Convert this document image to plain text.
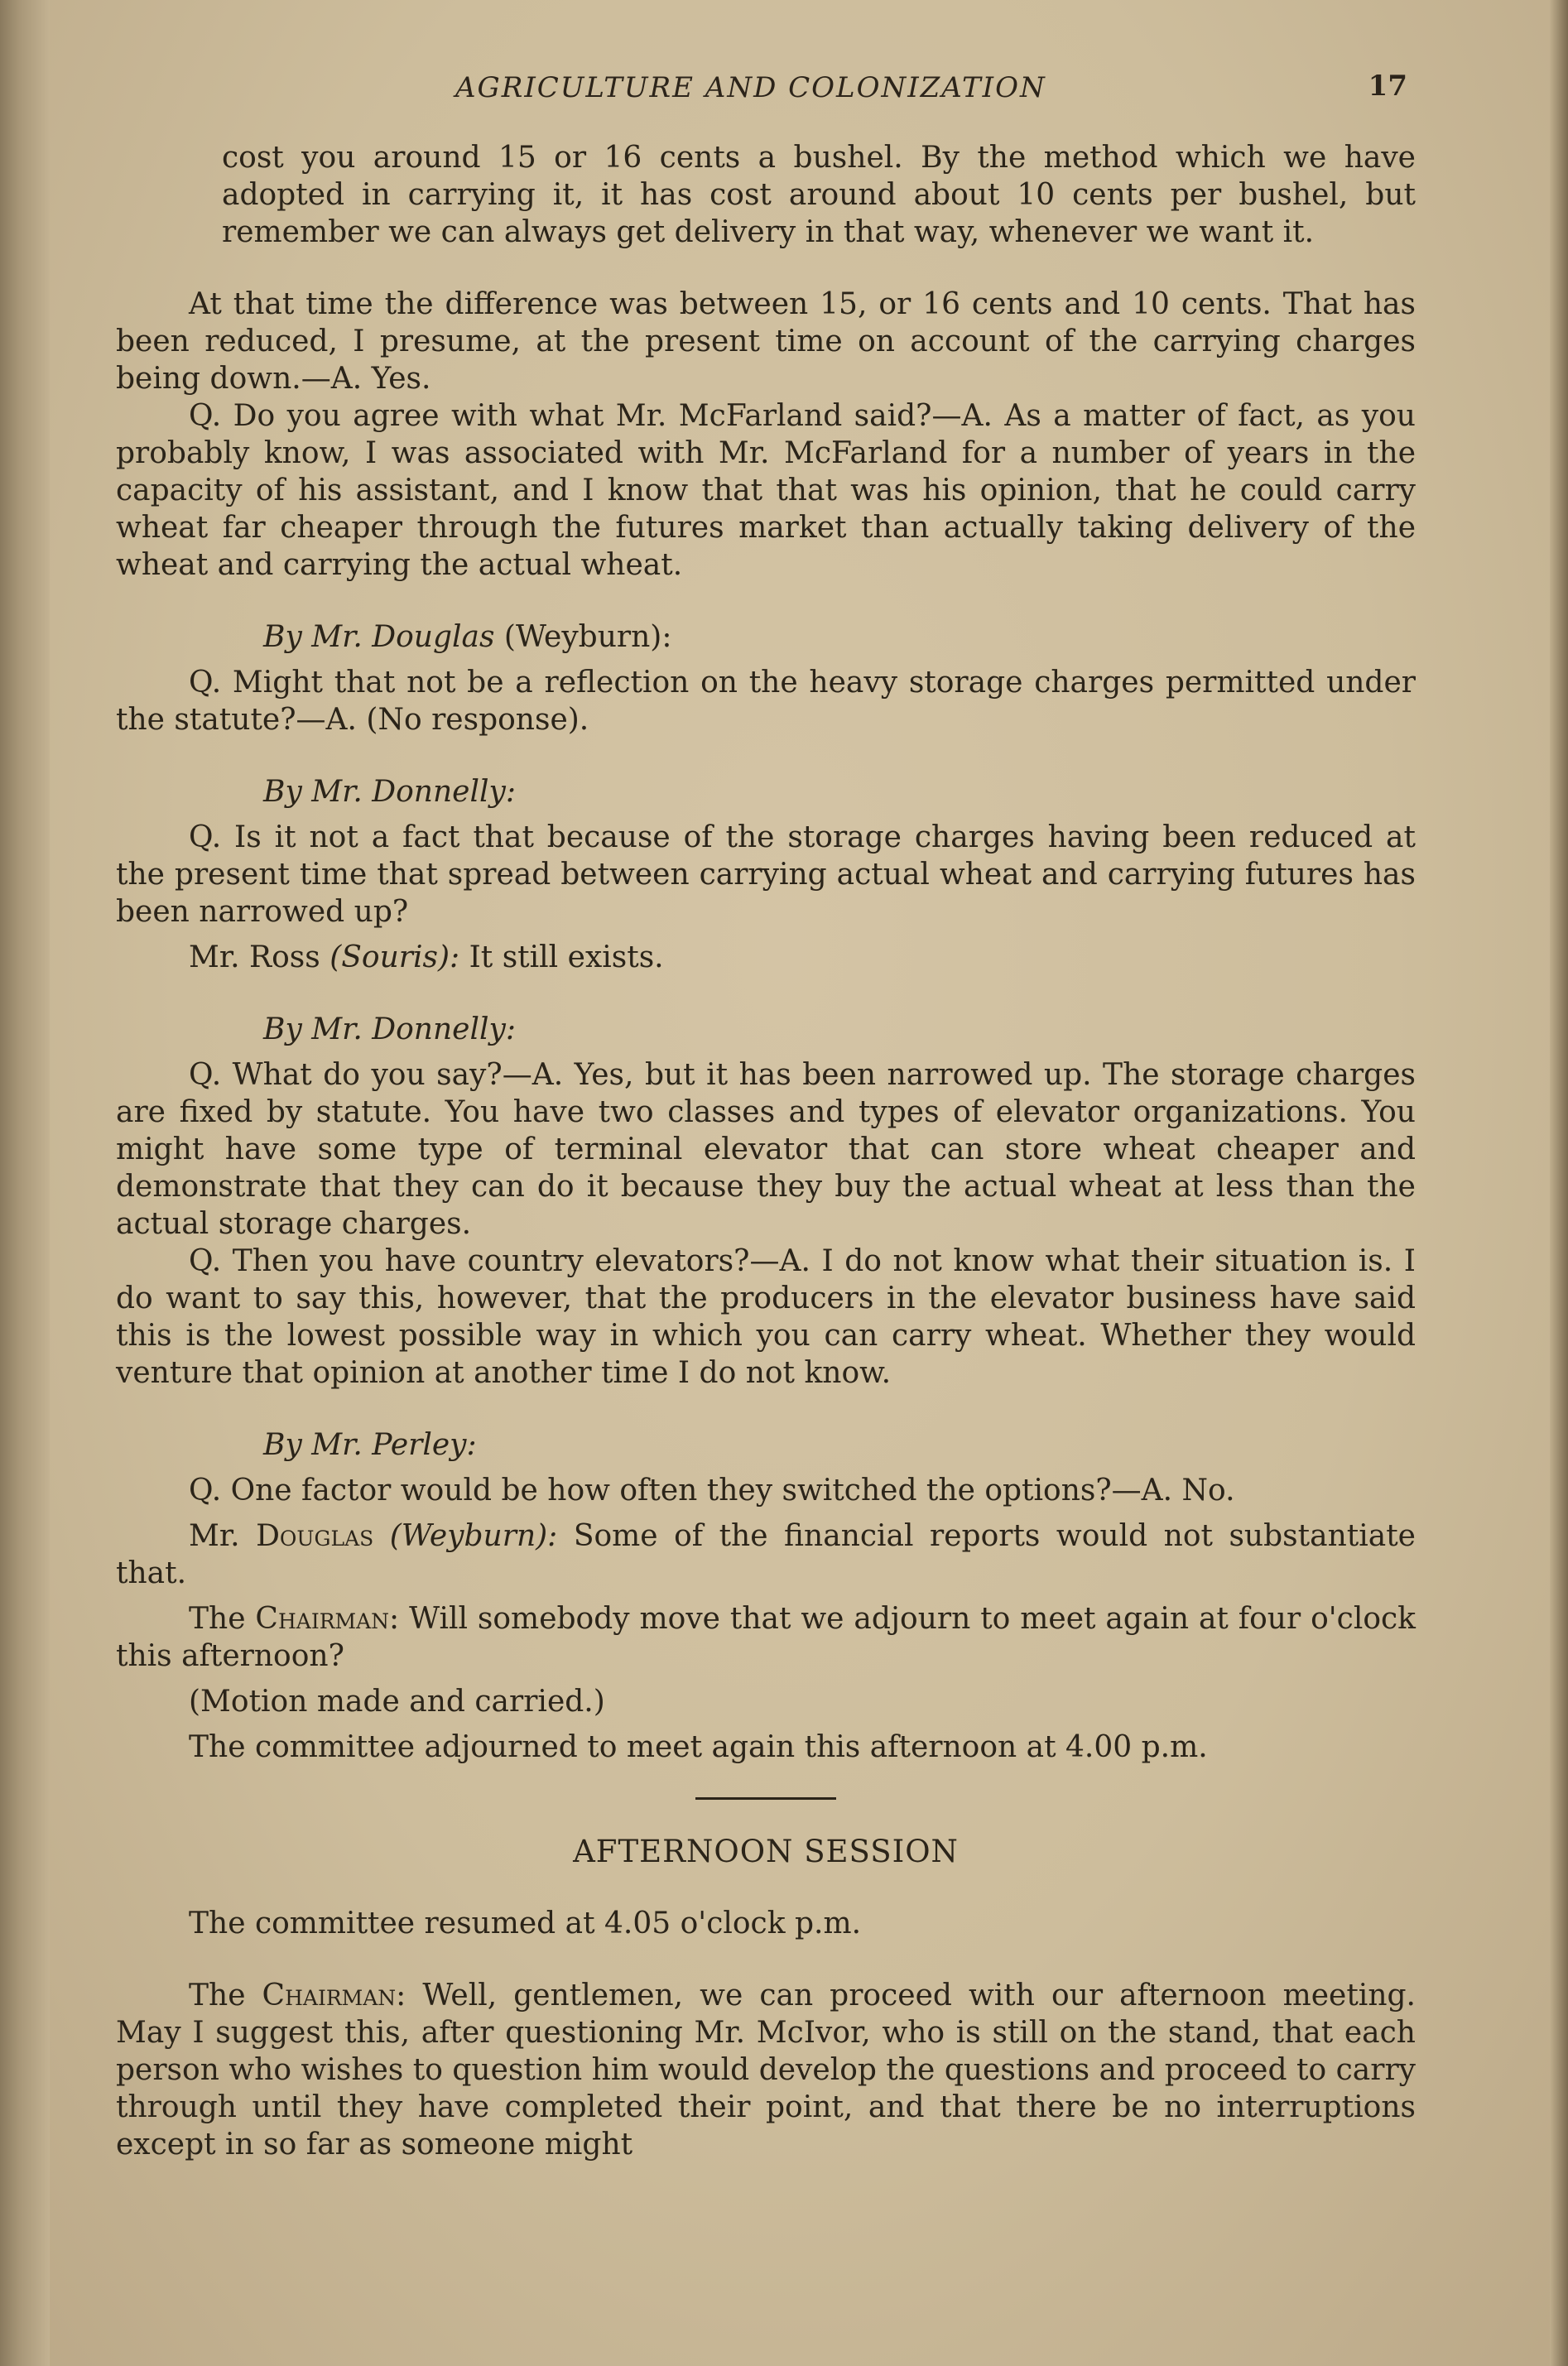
AGRICULTURE AND COLONIZATION	17

cost you around 15 or 16 cents a bushel. By the method which we have adopted in carrying it, it has cost around about 10 cents per bushel, but remember we can always get delivery in that way, whenever we want it.

At that time the difference was between 15, or 16 cents and 10 cents. That has been reduced, I presume, at the present time on account of the carrying charges being down.—A. Yes.

Q. Do you agree with what Mr. McFarland said?—A. As a matter of fact, as you probably know, I was associated with Mr. McFarland for a number of years in the capacity of his assistant, and I know that that was his opinion, that he could carry wheat far cheaper through the futures market than actually taking delivery of the wheat and carrying the actual wheat.

By Mr. Douglas (Weyburn):

Q. Might that not be a reflection on the heavy storage charges permitted under the statute?—A. (No response).

By Mr. Donnelly:

Q. Is it not a fact that because of the storage charges having been reduced at the present time that spread between carrying actual wheat and carrying futures has been narrowed up?

Mr. Ross (Souris): It still exists.

By Mr. Donnelly:

Q. What do you say?—A. Yes, but it has been narrowed up. The storage charges are fixed by statute. You have two classes and types of elevator organizations. You might have some type of terminal elevator that can store wheat cheaper and demonstrate that they can do it because they buy the actual wheat at less than the actual storage charges.

Q. Then you have country elevators?—A. I do not know what their situation is. I do want to say this, however, that the producers in the elevator business have said this is the lowest possible way in which you can carry wheat. Whether they would venture that opinion at another time I do not know.

By Mr. Perley:

Q. One factor would be how often they switched the options?—A. No.

Mr. Douglas (Weyburn): Some of the financial reports would not substantiate that.

The Chairman: Will somebody move that we adjourn to meet again at four o'clock this afternoon?

(Motion made and carried.)

The committee adjourned to meet again this afternoon at 4.00 p.m.

AFTERNOON SESSION

The committee resumed at 4.05 o'clock p.m.

The Chairman: Well, gentlemen, we can proceed with our afternoon meeting. May I suggest this, after questioning Mr. McIvor, who is still on the stand, that each person who wishes to question him would develop the questions and proceed to carry through until they have completed their point, and that there be no interruptions except in so far as someone might
